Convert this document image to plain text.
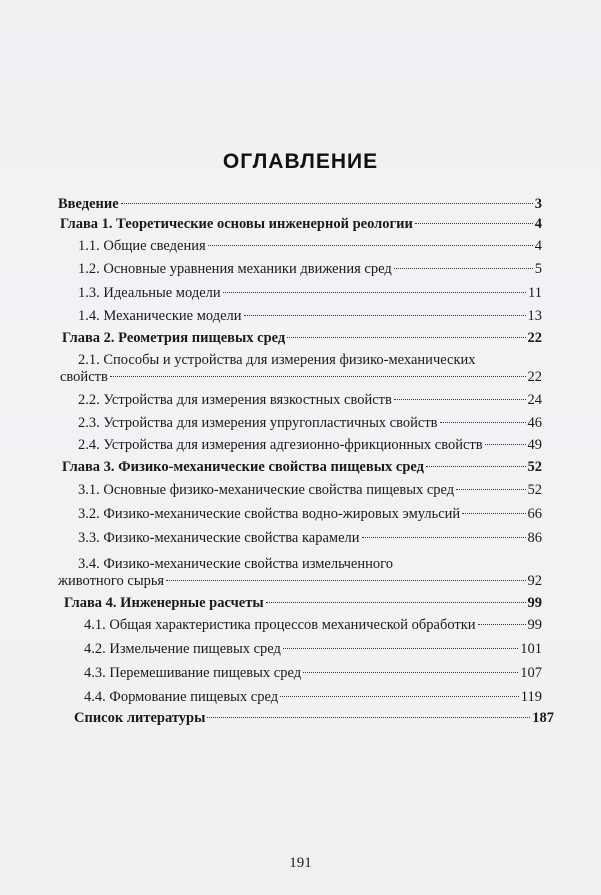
ОГЛАВЛЕНИЕ
Введение	3
Глава 1. Теоретические основы инженерной реологии	4
1.1. Общие сведения	4
1.2. Основные уравнения механики движения сред	5
1.3. Идеальные модели	11
1.4. Механические модели	13
Глава 2. Реометрия пищевых сред	22
2.1. Способы и устройства для измерения физико-механических
свойств	22
2.2. Устройства для измерения вязкостных свойств	24
2.3. Устройства для измерения упругопластичных свойств	46
2.4. Устройства для измерения адгезионно-фрикционных свойств	49
Глава 3. Физико-механические свойства пищевых сред	52
3.1. Основные физико-механические свойства пищевых сред	52
3.2. Физико-механические свойства водно-жировых эмульсий	66
3.3. Физико-механические свойства карамели	86
3.4. Физико-механические свойства измельченного
животного сырья	92
Глава 4. Инженерные расчеты	99
4.1. Общая характеристика процессов механической обработки	99
4.2. Измельчение пищевых сред	101
4.3. Перемешивание пищевых сред	107
4.4. Формование пищевых сред	119
Список литературы	187
191
